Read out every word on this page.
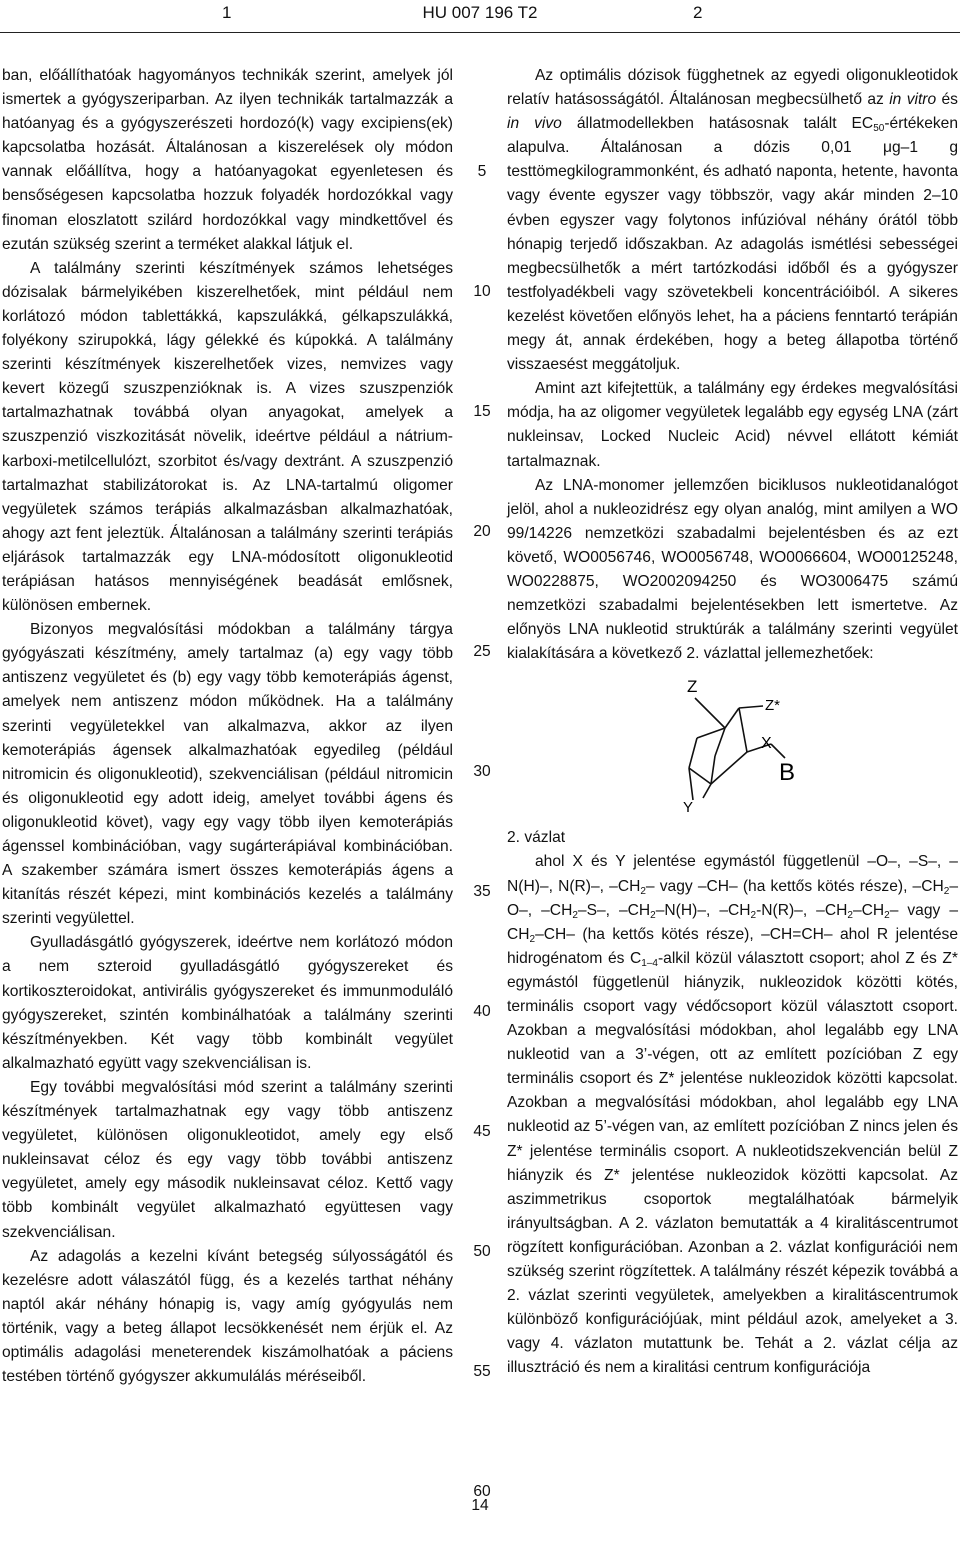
1	HU 007 196 T2	2

ban, előállíthatóak hagyományos technikák szerint, amelyek jól ismertek a gyógyszeriparban. Az ilyen technikák tartalmazzák a hatóanyag és a gyógyszerészeti hordozó(k) vagy excipiens(ek) kapcsolatba hozását. Általánosan a kiszerelések oly módon vannak előállítva, hogy a hatóanyagokat egyenletesen és bensőségesen kapcsolatba hozzuk folyadék hordozókkal vagy finoman eloszlatott szilárd hordozókkal vagy mindkettővel és ezután szükség szerint a terméket alakkal látjuk el.

A találmány szerinti készítmények számos lehetséges dózisalak bármelyikében kiszerelhetőek, mint például nem korlátozó módon tablettákká, kapszulákká, gélkapszulákká, folyékony szirupokká, lágy gélekké és kúpokká. A találmány szerinti készítmények kiszerelhetőek vizes, nemvizes vagy kevert közegű szuszpenzióknak is. A vizes szuszpenziók tartalmazhatnak továbbá olyan anyagokat, amelyek a szuszpenzió viszkozitását növelik, ideértve például a nátrium-karboxi-metilcellulózt, szorbitot és/vagy dextránt. A szuszpenzió tartalmazhat stabilizátorokat is. Az LNA-tartalmú oligomer vegyületek számos terápiás alkalmazásban alkalmazhatóak, ahogy azt fent jeleztük. Általánosan a találmány szerinti terápiás eljárások tartalmazzák egy LNA-módosított oligonukleotid terápiásan hatásos mennyiségének beadását emlősnek, különösen embernek.

Bizonyos megvalósítási módokban a találmány tárgya gyógyászati készítmény, amely tartalmaz (a) egy vagy több antiszenz vegyületet és (b) egy vagy több kemoterápiás ágenst, amelyek nem antiszenz módon működnek. Ha a találmány szerinti vegyületekkel van alkalmazva, akkor az ilyen kemoterápiás ágensek alkalmazhatóak egyedileg (például nitromicin és oligonukleotid), szekvenciálisan (például nitromicin és oligonukleotid egy adott ideig, amelyet további ágens és oligonukleotid követ), vagy egy vagy több ilyen kemoterápiás ágenssel kombinációban, vagy sugárterápiával kombinációban. A szakember számára ismert összes kemoterápiás ágens a kitanítás részét képezi, mint kombinációs kezelés a találmány szerinti vegyülettel.

Gyulladásgátló gyógyszerek, ideértve nem korlátozó módon a nem szteroid gyulladásgátló gyógyszereket és kortikoszteroidokat, antivirális gyógyszereket és immunmoduláló gyógyszereket, szintén kombinálhatóak a találmány szerinti készítményekben. Két vagy több kombinált vegyület alkalmazható együtt vagy szekvenciálisan is.

Egy további megvalósítási mód szerint a találmány szerinti készítmények tartalmazhatnak egy vagy több antiszenz vegyületet, különösen oligonukleotidot, amely egy első nukleinsavat céloz és egy vagy több további antiszenz vegyületet, amely egy második nukleinsavat céloz. Kettő vagy több kombinált vegyület alkalmazható együttesen vagy szekvenciálisan.

Az adagolás a kezelni kívánt betegség súlyosságától és kezelésre adott válaszától függ, és a kezelés tarthat néhány naptól akár néhány hónapig is, vagy amíg gyógyulás nem történik, vagy a beteg állapot lecsökkenését nem érjük el. Az optimális adagolási meneterendek kiszámolhatóak a páciens testében történő gyógyszer akkumulálás méréseiből.

5
10
15
20
25
30
35
40
45
50
55
60

Az optimális dózisok függhetnek az egyedi oligonukleotidok relatív hatásosságától. Általánosan megbecsülhető az in vitro és in vivo állatmodellekben hatásosnak talált $EC_{50}$-értékeken alapulva. Általánosan a dózis 0,01 μg–1 g testtömegkilogrammonként, és adható naponta, hetente, havonta vagy évente egyszer vagy többször, vagy akár minden 2–10 évben egyszer vagy folytonos infúzióval néhány órától több hónapig terjedő időszakban. Az adagolás ismétlési sebességei megbecsülhetők a mért tartózkodási időből és a gyógyszer testfolyadékbeli vagy szövetekbeli koncentrációiból. A sikeres kezelést követően előnyös lehet, ha a páciens fenntartó terápián megy át, annak érdekében, hogy a beteg állapotba történő visszaesést meggátoljuk.

Amint azt kifejtettük, a találmány egy érdekes megvalósítási módja, ha az oligomer vegyületek legalább egy egység LNA (zárt nukleinsav, Locked Nucleic Acid) névvel ellátott kémiát tartalmaznak.

Az LNA-monomer jellemzően biciklusos nukleotidanalógot jelöl, ahol a nukleozidrész egy olyan analóg, mint amilyen a WO 99/14226 nemzetközi szabadalmi bejelentésben és az ezt követő, WO0056746, WO0056748, WO0066604, WO00125248, WO0228875, WO2002094250 és WO3006475 számú nemzetközi szabadalmi bejelentésekben lett ismertetve. Az előnyös LNA nukleotid struktúrák a találmány szerinti vegyület kialakítására a következő 2. vázlattal jellemezhetőek:

Z
Z*
X
Y
B

2. vázlat

ahol X és Y jelentése egymástól függetlenül –O–, –S–, –N(H)–, N(R)–, $-CH_2-$ vagy –CH– (ha kettős kötés része), $-CH_2-O-$, $-CH_2-S-$, $-CH_2-N(H)-$, $-CH_2-N(R)-$, $-CH_2-CH_2-$ vagy $-CH_2-CH-$ (ha kettős kötés része), –CH=CH– ahol R jelentése hidrogénatom és $C_{1-4}$-alkil közül választott csoport; ahol Z és Z* egymástól függetlenül hiányzik, nukleozidok közötti kötés, terminális csoport vagy védőcsoport közül választott csoport. Azokban a megvalósítási módokban, ahol legalább egy LNA nukleotid van a 3’-végen, ott az említett pozícióban Z egy terminális csoport és Z* jelentése nukleozidok közötti kapcsolat. Azokban a megvalósítási módokban, ahol legalább egy LNA nukleotid az 5’-végen van, az említett pozícióban Z nincs jelen és Z* jelentése terminális csoport. A nukleotidszekvencián belül Z hiányzik és Z* jelentése nukleozidok közötti kapcsolat. Az aszimmetrikus csoportok megtalálhatóak bármelyik irányultságban. A 2. vázlaton bemutatták a 4 kiralitáscentrumot rögzített konfigurációban. Azonban a 2. vázlat konfigurációi nem szükség szerint rögzítettek. A találmány részét képezik továbbá a 2. vázlat szerinti vegyületek, amelyekben a kiralitáscentrumok különböző konfigurációjúak, mint például azok, amelyeket a 3. vagy 4. vázlaton mutattunk be. Tehát a 2. vázlat célja az illusztráció és nem a kiralitási centrum konfigurációja

14
